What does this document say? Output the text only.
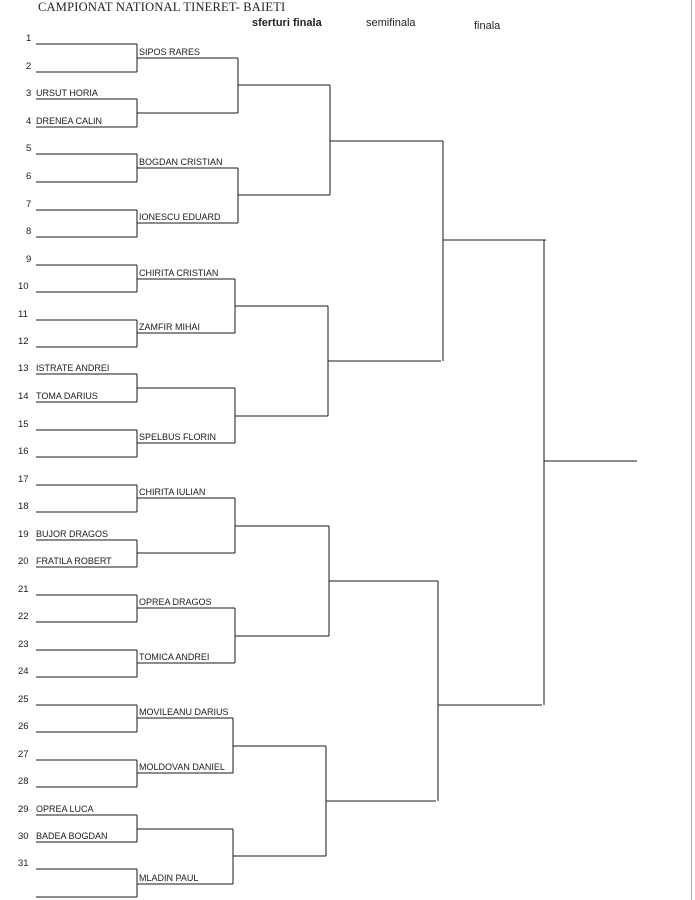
CAMPIONAT NATIONAL TINERET- BAIETI
sferturi finala	semifinala	finala
1
2
3 URSUT HORIA
4 DRENEA CALIN
5
6
7
8
9
10
11
12
13 ISTRATE ANDREI
14 TOMA DARIUS
15
16
17
18
19 BUJOR DRAGOS
20 FRATILA ROBERT
21
22
23
24
25
26
27
28
29 OPREA LUCA
30 BADEA BOGDAN
31
SIPOS RARES
BOGDAN CRISTIAN
IONESCU EDUARD
CHIRITA CRISTIAN
ZAMFIR MIHAI
SPELBUS FLORIN
CHIRITA IULIAN
OPREA DRAGOS
TOMICA ANDREI
MOVILEANU DARIUS
MOLDOVAN DANIEL
MLADIN PAUL
